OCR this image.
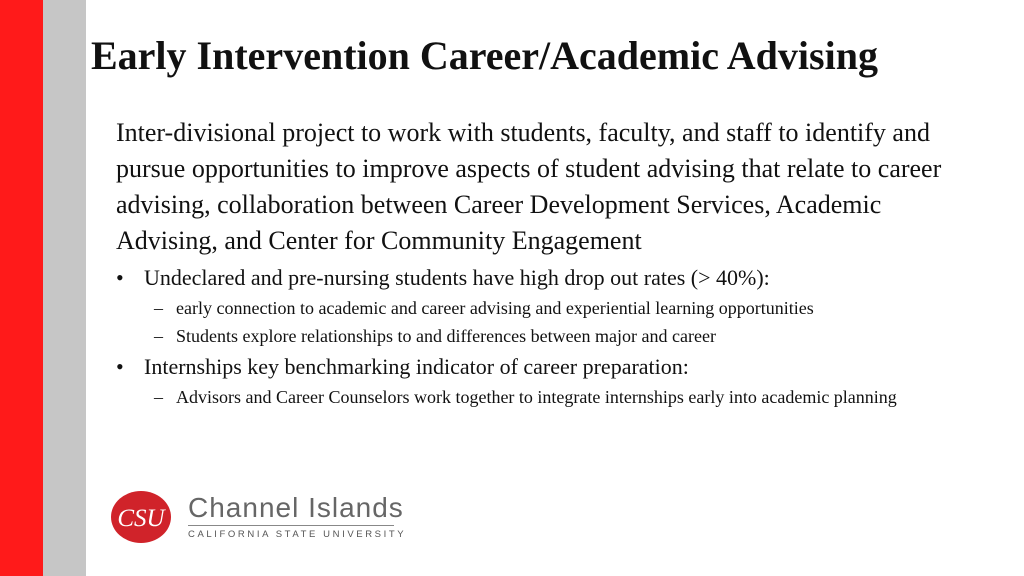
Early Intervention Career/Academic Advising

Inter-divisional project to work with students, faculty, and staff to identify and pursue opportunities to improve aspects of student advising that relate to career advising, collaboration between Career Development Services, Academic Advising, and Center for Community Engagement

• Undeclared and pre-nursing students have high drop out rates (> 40%):
– early connection to academic and career advising and experiential learning opportunities
– Students explore relationships to and differences between major and career
• Internships key benchmarking indicator of career preparation:
– Advisors and Career Counselors work together to integrate internships early into academic planning
CSU Channel Islands
CALIFORNIA STATE UNIVERSITY
